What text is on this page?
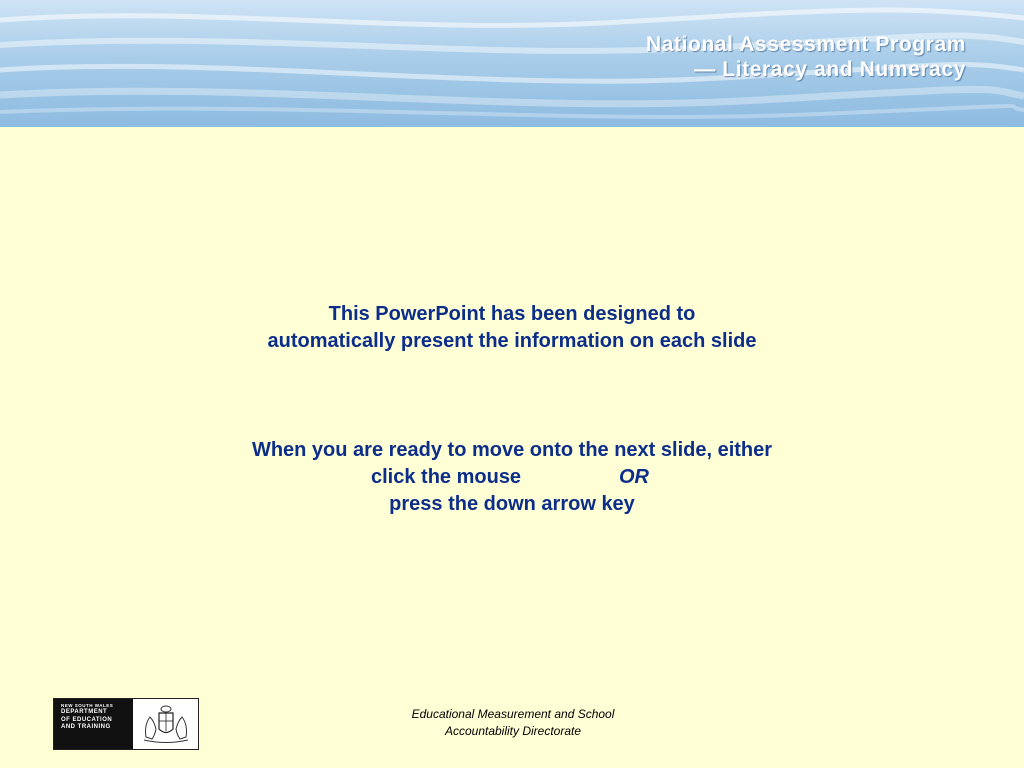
National Assessment Program
— Literacy and Numeracy
This PowerPoint has been designed to
automatically present the information on each slide
When you are ready to move onto the next slide, either
click the mouse	OR
press the down arrow key
NEW SOUTH WALES
DEPARTMENT
OF EDUCATION
AND TRAINING
Educational Measurement and School
Accountability Directorate
